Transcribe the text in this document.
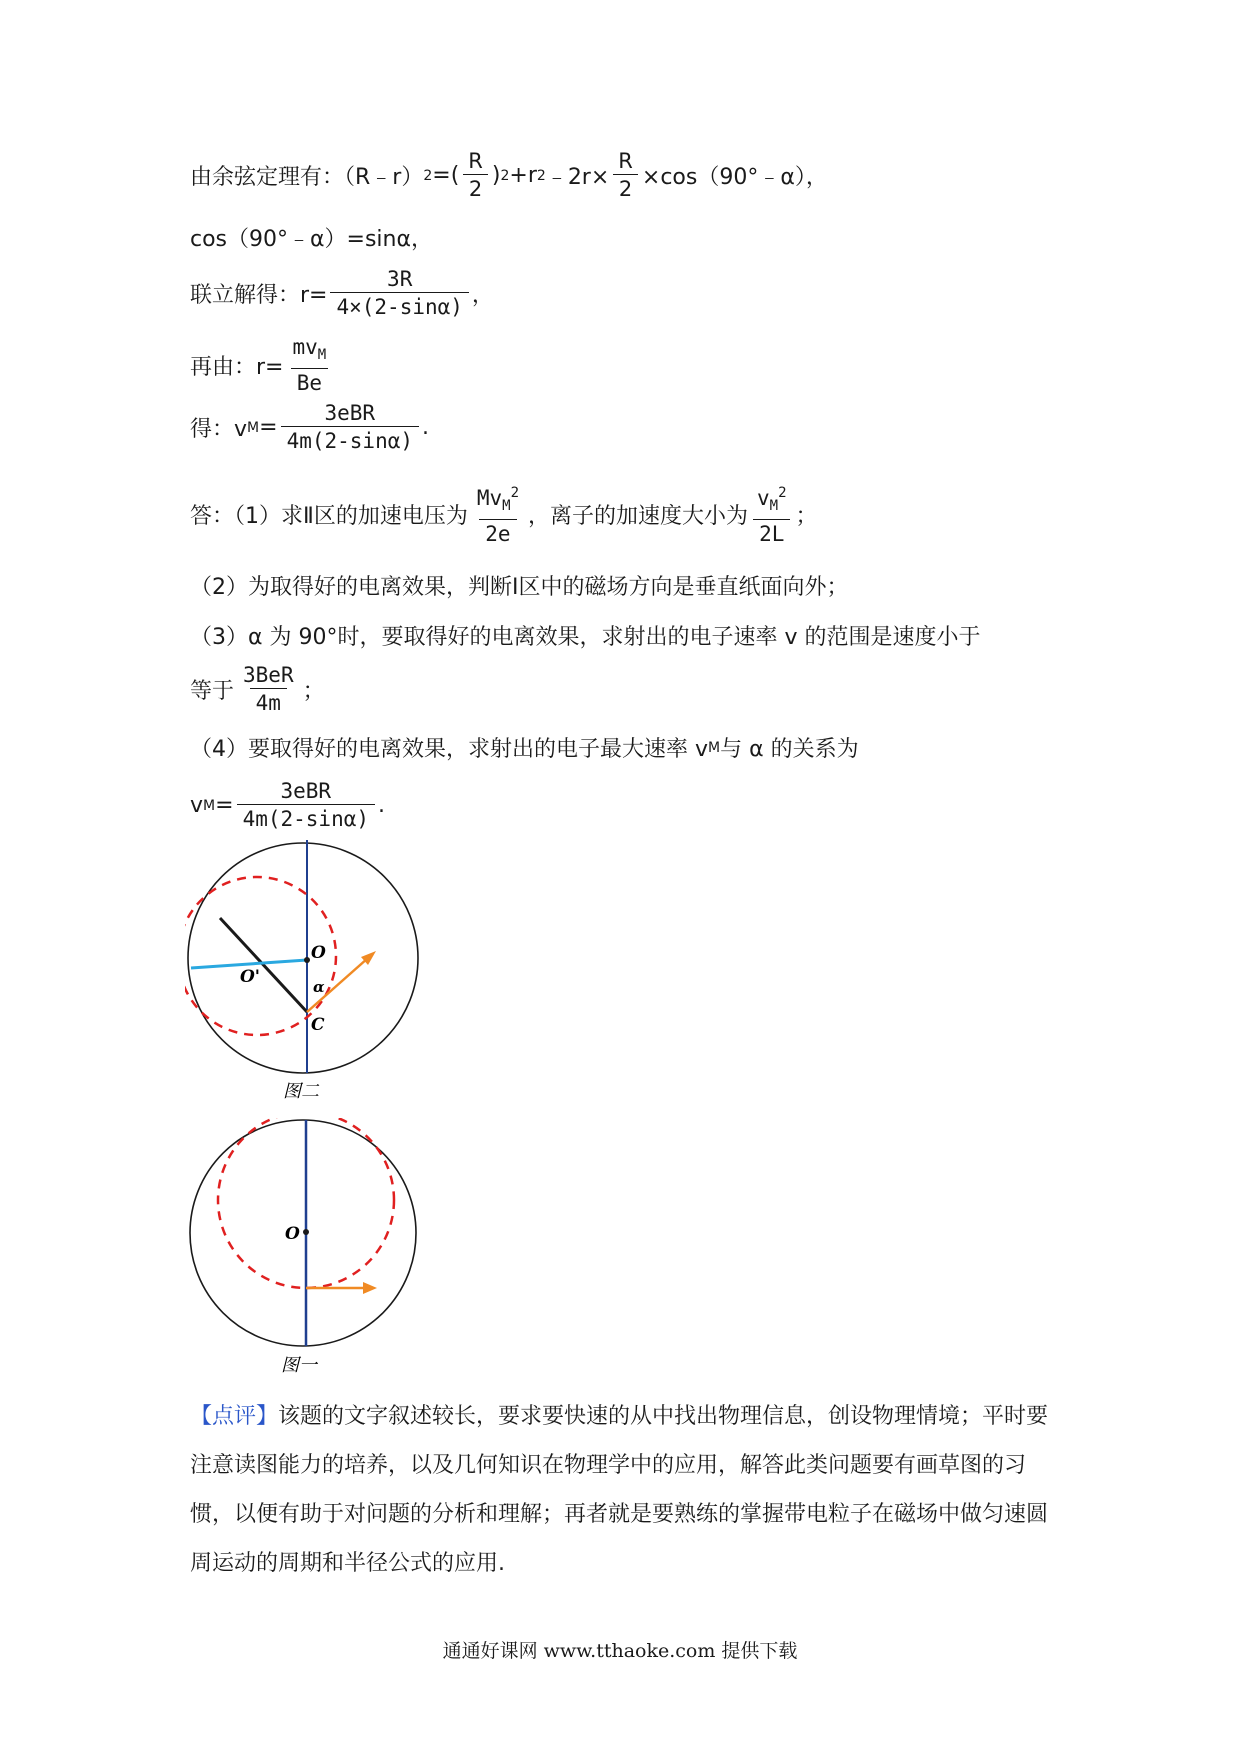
由余弦定理有：（R﹣r） 2 = ( $\frac{R}{2}$ ) 2 +r 2 ﹣2r× $\frac{R}{2}$ ×cos（90°﹣α），
cos（90°﹣α）=sinα，
联立解得：$r= \frac{3R}{4\times(2-\sin\alpha)}$ ，
再由：$r= \frac{mv_M}{Be}$
得：v $M = \frac{\text{3eBR}}{4m(2-\sin\alpha)}$ .
答：（1）求Ⅱ区的加速电压为 $\frac{Mv_M^2}{2e}$ ，离子的加速度大小为 $\frac{v_M^2}{2L}$ ；
（2）为取得好的电离效果，判断Ⅰ区中的磁场方向是垂直纸面向外；
（3）α 为 90°时，要取得好的电离效果，求射出的电子速率 v 的范围是速度小于
等于 $\frac{\text{3BeR}}{4m}$ ；
（4）要取得好的电离效果，求射出的电子最大速率 v M 与 α 的关系为
v $M = \frac{\text{3eBR}}{4m(2-\sin\alpha)}$ .
O
O'	α
C
图二
O
图一
【点评】该题的文字叙述较长，要求要快速的从中找出物理信息，创设物理情境；平时要注意读图能力的培养，以及几何知识在物理学中的应用，解答此类问题要有画草图的习惯，以便有助于对问题的分析和理解；再者就是要熟练的掌握带电粒子在磁场中做匀速圆周运动的周期和半径公式的应用.
通通好课网 www.tthaoke.com 提供下载
